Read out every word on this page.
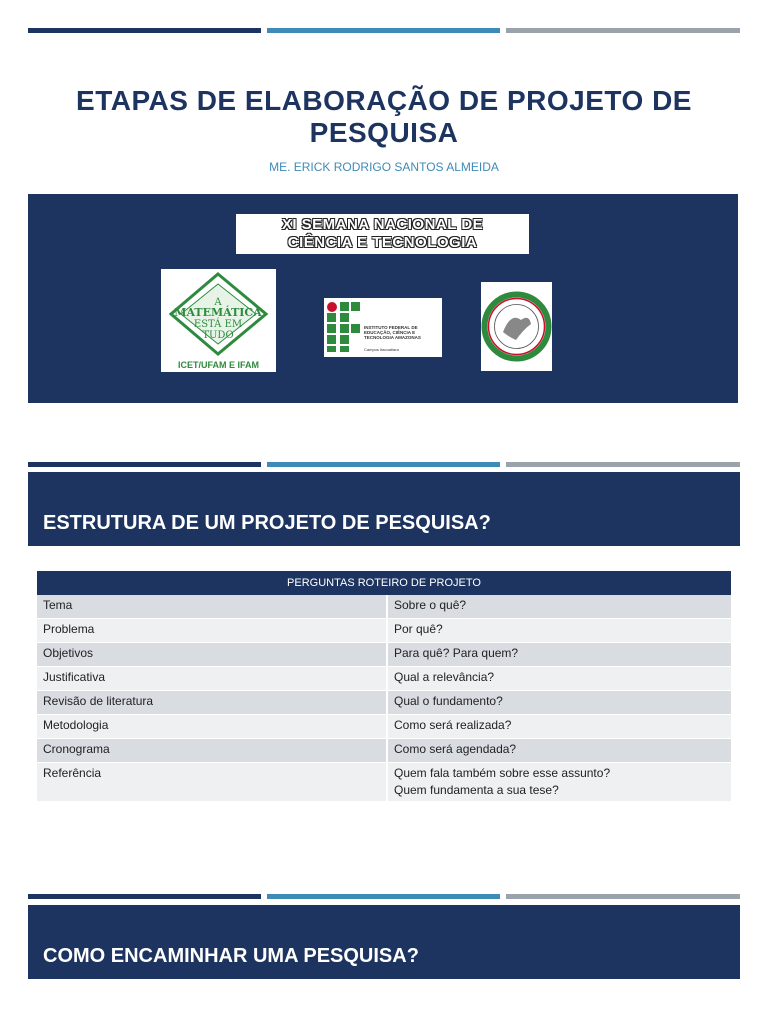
ETAPAS DE ELABORAÇÃO DE PROJETO DE PESQUISA
ME. ERICK RODRIGO SANTOS ALMEIDA
XI SEMANA NACIONAL DE
CIÊNCIA E TECNOLOGIA
A
MATEMÁTICA
ESTÁ EM
TUDO
ICET/UFAM E IFAM
INSTITUTO FEDERAL DE EDUCAÇÃO, CIÊNCIA E TECNOLOGIA AMAZONAS
Campus Itacoatiara
ESTRUTURA DE UM PROJETO DE PESQUISA?
PERGUNTAS ROTEIRO DE PROJETO	
Tema	Sobre o quê?
Problema	Por quê?
Objetivos	Para quê? Para quem?
Justificativa	Qual a relevância?
Revisão de literatura	Qual o fundamento?
Metodologia	Como será realizada?
Cronograma	Como será agendada?
Referência	Quem fala também sobre esse assunto?
Quem fundamenta a sua tese?
COMO ENCAMINHAR UMA PESQUISA?
